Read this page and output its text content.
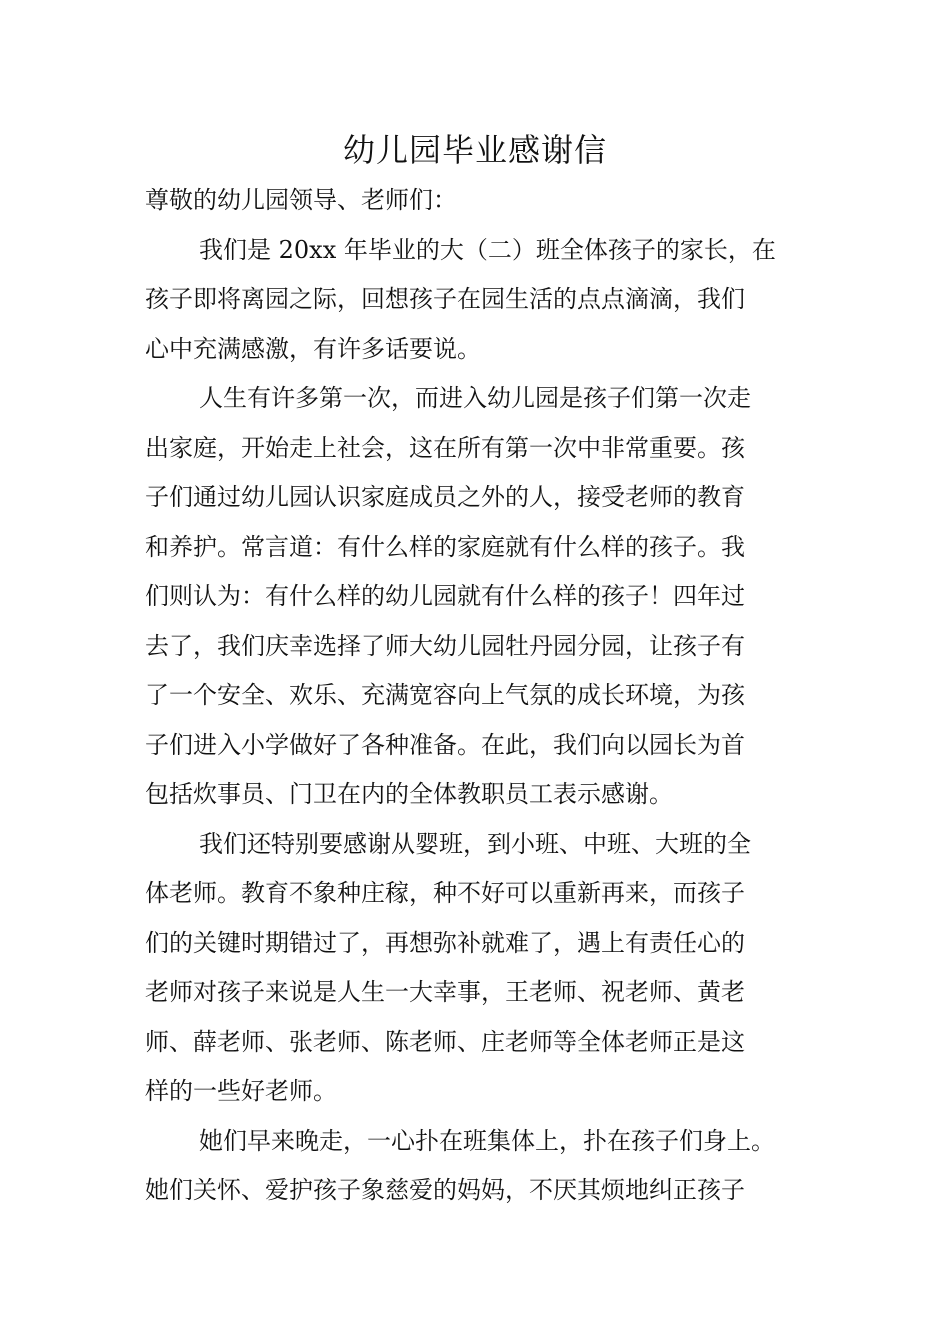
幼儿园毕业感谢信
尊敬的幼儿园领导、老师们：
我们是 20xx 年毕业的大（二）班全体孩子的家长，在
孩子即将离园之际，回想孩子在园生活的点点滴滴，我们
心中充满感激，有许多话要说。
人生有许多第一次，而进入幼儿园是孩子们第一次走
出家庭，开始走上社会，这在所有第一次中非常重要。孩
子们通过幼儿园认识家庭成员之外的人，接受老师的教育
和养护。常言道：有什么样的家庭就有什么样的孩子。我
们则认为：有什么样的幼儿园就有什么样的孩子！四年过
去了，我们庆幸选择了师大幼儿园牡丹园分园，让孩子有
了一个安全、欢乐、充满宽容向上气氛的成长环境，为孩
子们进入小学做好了各种准备。在此，我们向以园长为首
包括炊事员、门卫在内的全体教职员工表示感谢。
我们还特别要感谢从婴班，到小班、中班、大班的全
体老师。教育不象种庄稼，种不好可以重新再来，而孩子
们的关键时期错过了，再想弥补就难了，遇上有责任心的
老师对孩子来说是人生一大幸事，王老师、祝老师、黄老
师、薛老师、张老师、陈老师、庄老师等全体老师正是这
样的一些好老师。
她们早来晚走，一心扑在班集体上，扑在孩子们身上。
她们关怀、爱护孩子象慈爱的妈妈，不厌其烦地纠正孩子
